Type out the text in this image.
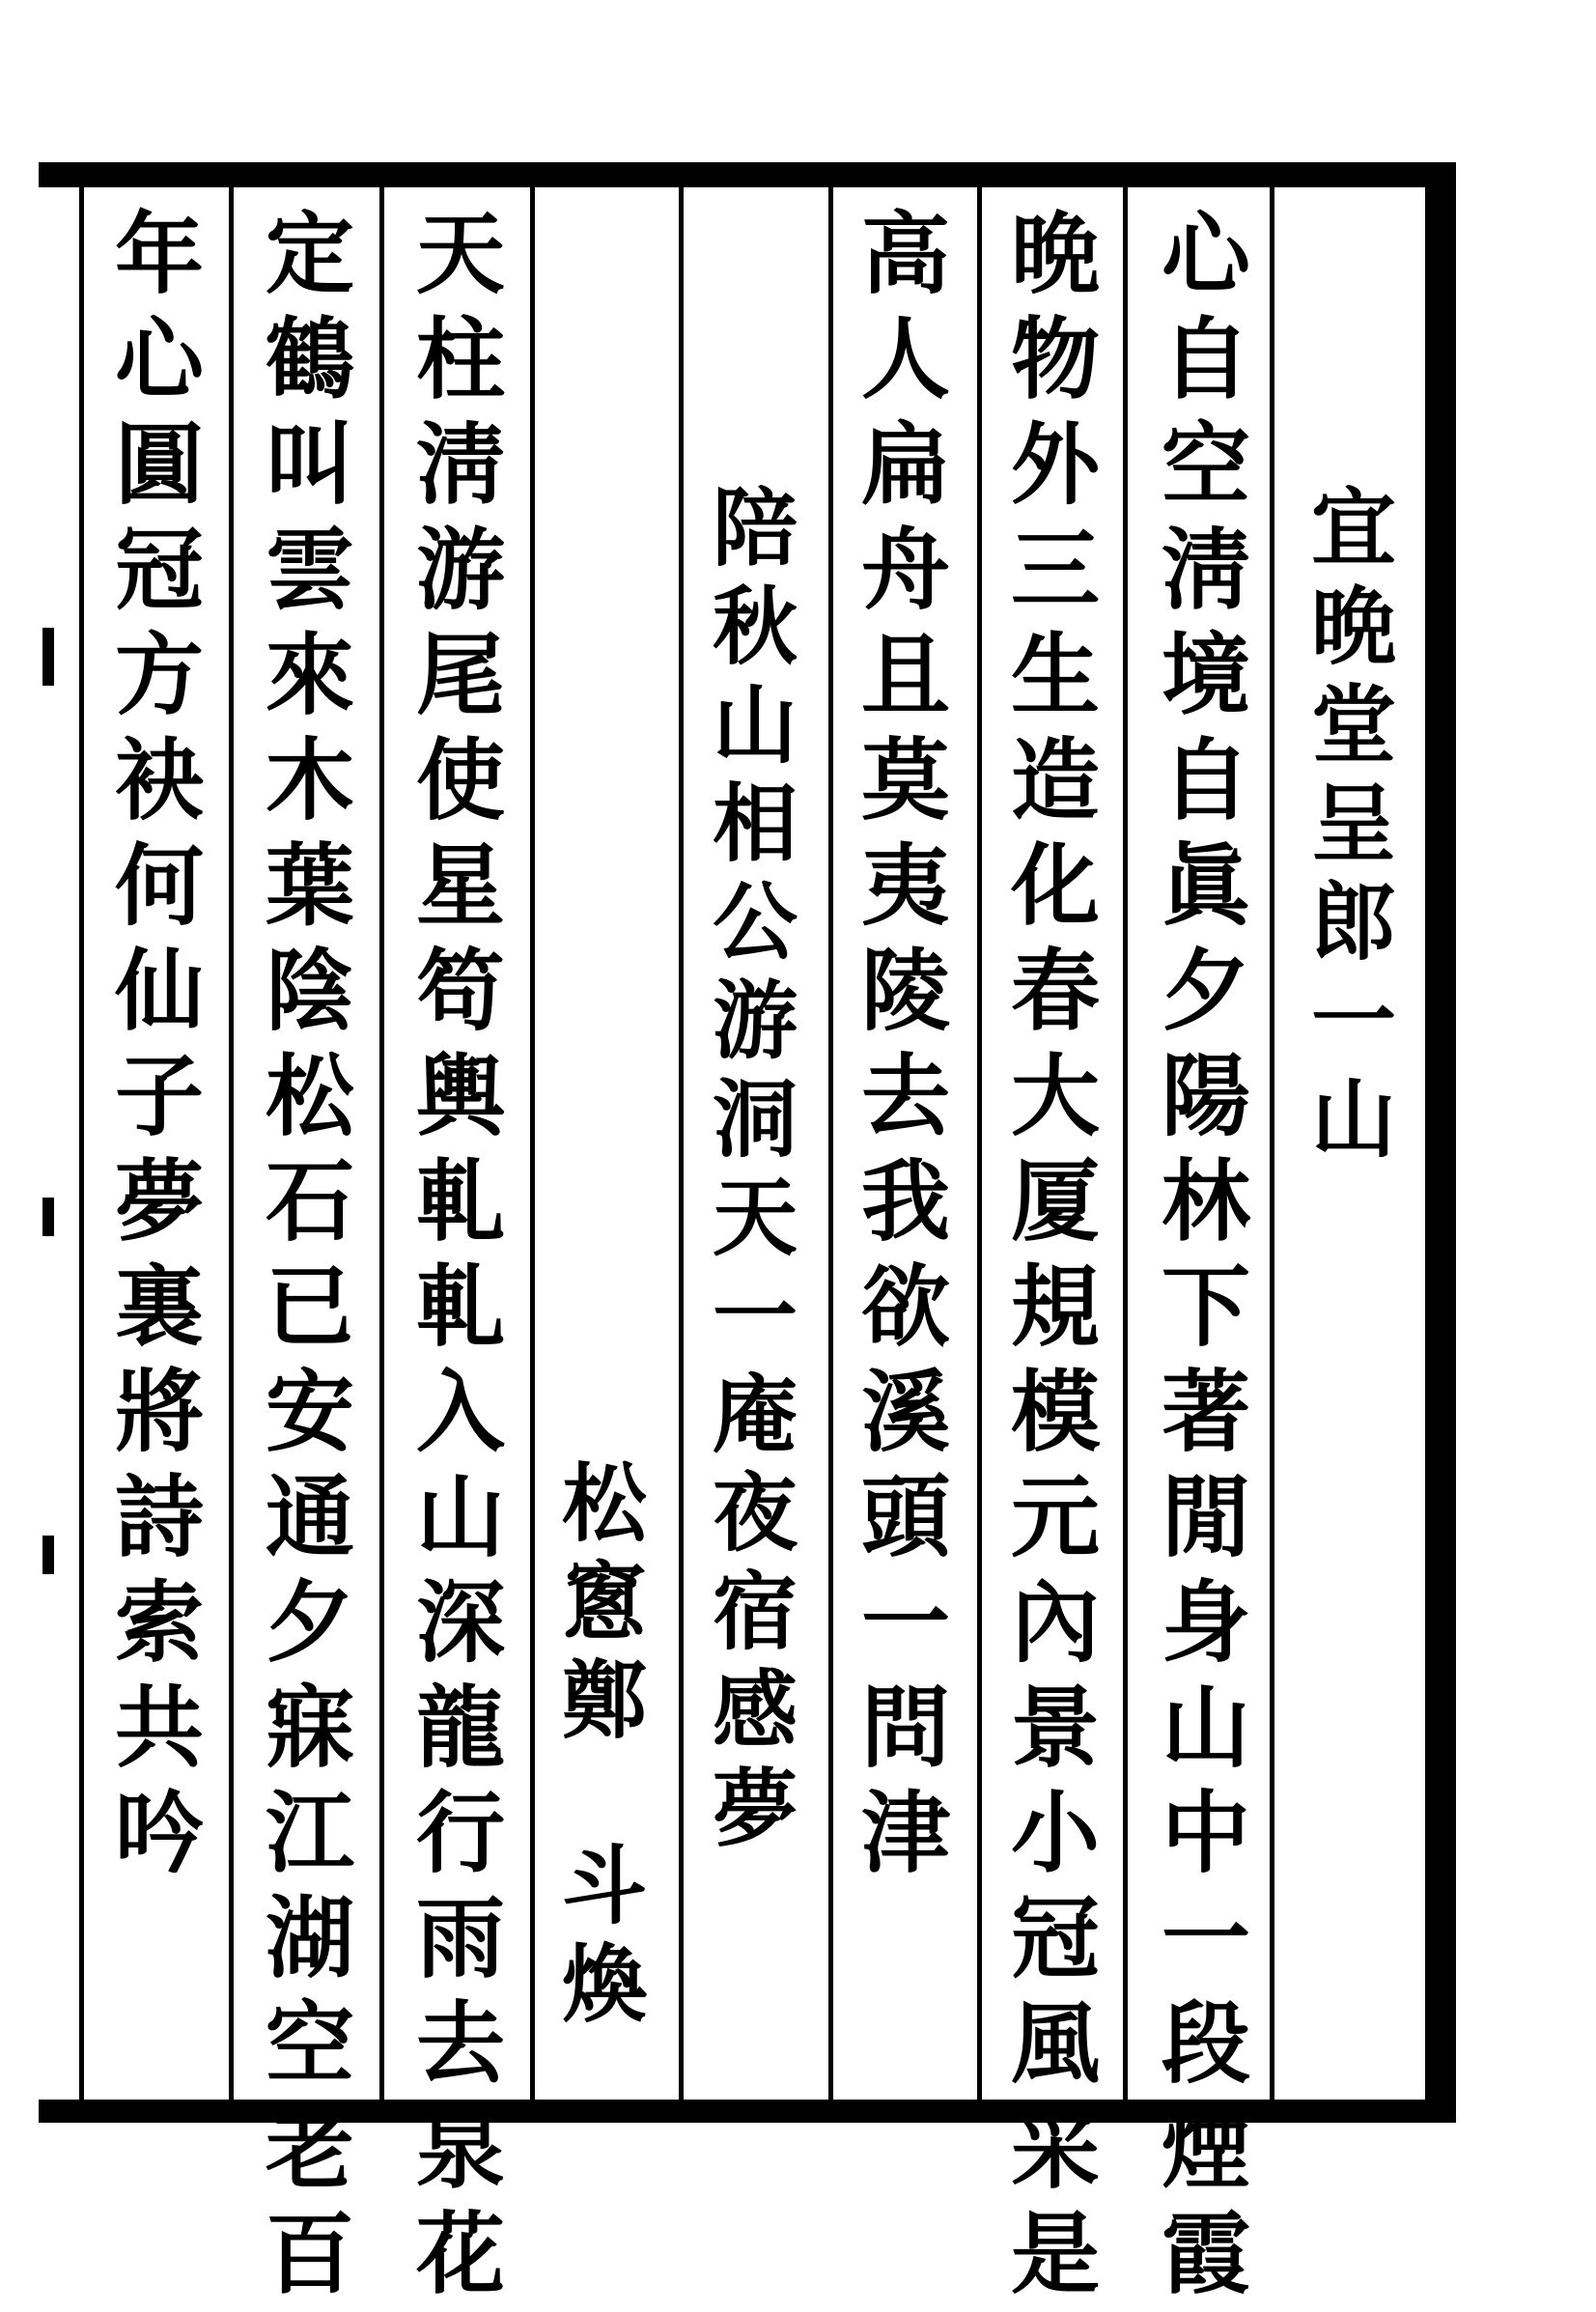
宜晩堂呈郎一山
心自空淸境自眞夕陽林下著閒身山中一段煙霞
晩物外三生造化春大厦規模元內景小冠風采是
高人扁舟且莫夷陵去我欲溪頭一問津
陪秋山相公游洞天一庵夜宿感夢
松窻鄭斗煥
天柱淸游尾使星笱輿軋軋入山深龍行雨去泉花
定鶴叫雲來木葉陰松石已安通夕寐江湖空老百
年心圓冠方袂何仙子夢裏將詩索共吟
